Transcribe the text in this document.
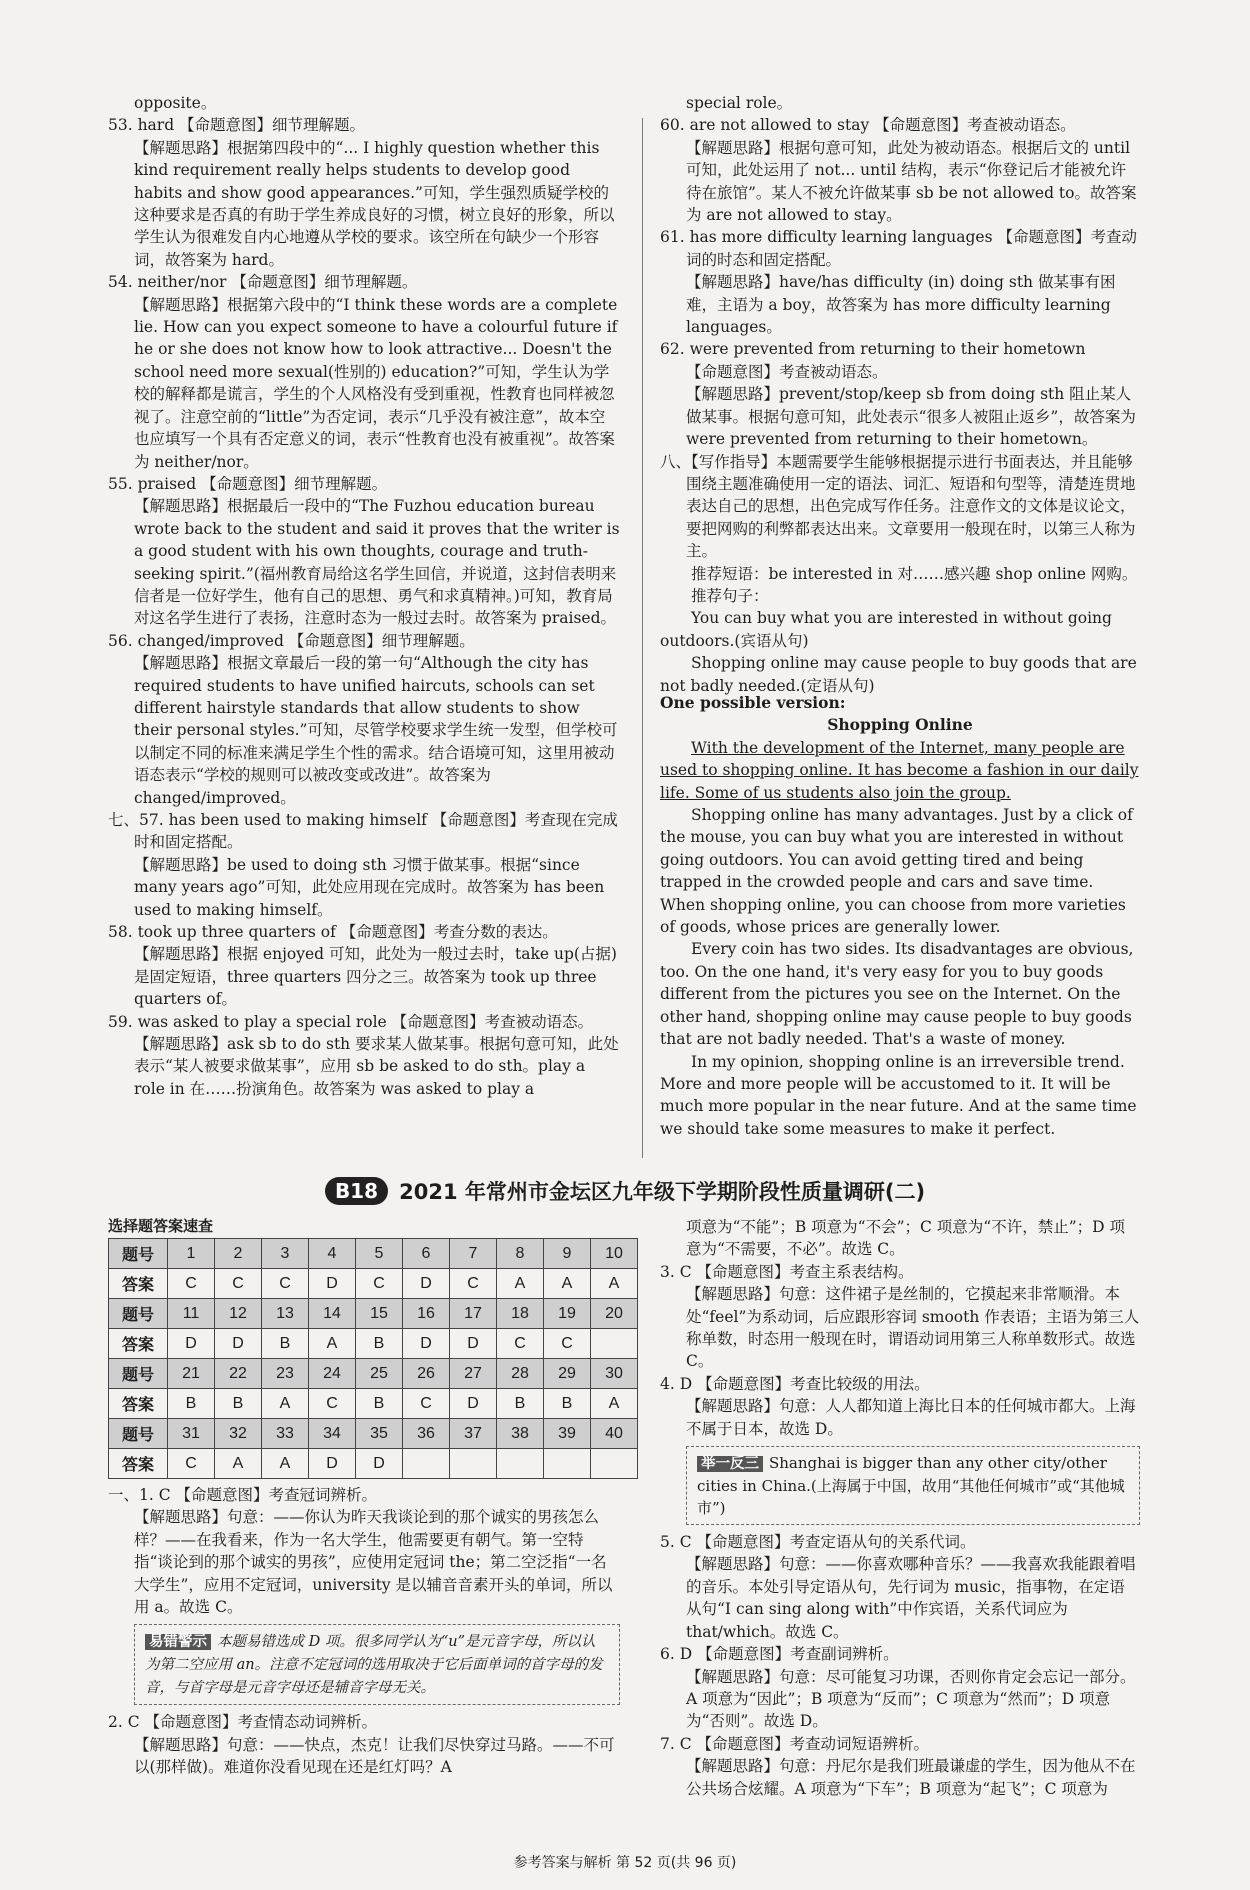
opposite。

53. hard 【命题意图】细节理解题。

【解题思路】根据第四段中的“... I highly question whether this kind requirement really helps students to develop good habits and show good appearances.”可知，学生强烈质疑学校的这种要求是否真的有助于学生养成良好的习惯，树立良好的形象，所以学生认为很难发自内心地遵从学校的要求。该空所在句缺少一个形容词，故答案为 hard。

54. neither/nor 【命题意图】细节理解题。

【解题思路】根据第六段中的“I think these words are a complete lie. How can you expect someone to have a colourful future if he or she does not know how to look attractive... Doesn't the school need more sexual(性别的) education?”可知，学生认为学校的解释都是谎言，学生的个人风格没有受到重视，性教育也同样被忽视了。注意空前的“little”为否定词，表示“几乎没有被注意”，故本空也应填写一个具有否定意义的词，表示“性教育也没有被重视”。故答案为 neither/nor。

55. praised 【命题意图】细节理解题。

【解题思路】根据最后一段中的“The Fuzhou education bureau wrote back to the student and said it proves that the writer is a good student with his own thoughts, courage and truth-seeking spirit.”(福州教育局给这名学生回信，并说道，这封信表明来信者是一位好学生，他有自己的思想、勇气和求真精神。)可知，教育局对这名学生进行了表扬，注意时态为一般过去时。故答案为 praised。

56. changed/improved 【命题意图】细节理解题。

【解题思路】根据文章最后一段的第一句“Although the city has required students to have unified haircuts, schools can set different hairstyle standards that allow students to show their personal styles.”可知，尽管学校要求学生统一发型，但学校可以制定不同的标准来满足学生个性的需求。结合语境可知，这里用被动语态表示“学校的规则可以被改变或改进”。故答案为 changed/improved。

七、57. has been used to making himself 【命题意图】考查现在完成时和固定搭配。

【解题思路】be used to doing sth 习惯于做某事。根据“since many years ago”可知，此处应用现在完成时。故答案为 has been used to making himself。

58. took up three quarters of 【命题意图】考查分数的表达。

【解题思路】根据 enjoyed 可知，此处为一般过去时，take up(占据)是固定短语，three quarters 四分之三。故答案为 took up three quarters of。

59. was asked to play a special role 【命题意图】考查被动语态。

【解题思路】ask sb to do sth 要求某人做某事。根据句意可知，此处表示“某人被要求做某事”，应用 sb be asked to do sth。play a role in 在……扮演角色。故答案为 was asked to play a

special role。

60. are not allowed to stay 【命题意图】考查被动语态。

【解题思路】根据句意可知，此处为被动语态。根据后文的 until 可知，此处运用了 not... until 结构，表示“你登记后才能被允许待在旅馆”。某人不被允许做某事 sb be not allowed to。故答案为 are not allowed to stay。

61. has more difficulty learning languages 【命题意图】考查动词的时态和固定搭配。

【解题思路】have/has difficulty (in) doing sth 做某事有困难，主语为 a boy，故答案为 has more difficulty learning languages。

62. were prevented from returning to their hometown

【命题意图】考查被动语态。

【解题思路】prevent/stop/keep sb from doing sth 阻止某人做某事。根据句意可知，此处表示“很多人被阻止返乡”，故答案为 were prevented from returning to their hometown。

八、【写作指导】本题需要学生能够根据提示进行书面表达，并且能够围绕主题准确使用一定的语法、词汇、短语和句型等，清楚连贯地表达自己的思想，出色完成写作任务。注意作文的文体是议论文，要把网购的利弊都表达出来。文章要用一般现在时，以第三人称为主。

推荐短语：be interested in 对……感兴趣 shop online 网购。

推荐句子：

You can buy what you are interested in without going outdoors.(宾语从句)

Shopping online may cause people to buy goods that are not badly needed.(定语从句)

One possible version:

Shopping Online

With the development of the Internet, many people are used to shopping online. It has become a fashion in our daily life. Some of us students also join the group.

Shopping online has many advantages. Just by a click of the mouse, you can buy what you are interested in without going outdoors. You can avoid getting tired and being trapped in the crowded people and cars and save time. When shopping online, you can choose from more varieties of goods, whose prices are generally lower.

Every coin has two sides. Its disadvantages are obvious, too. On the one hand, it's very easy for you to buy goods different from the pictures you see on the Internet. On the other hand, shopping online may cause people to buy goods that are not badly needed. That's a waste of money.

In my opinion, shopping online is an irreversible trend. More and more people will be accustomed to it. It will be much more popular in the near future. And at the same time we should take some measures to make it perfect.

B18 2021 年常州市金坛区九年级下学期阶段性质量调研(二)
选择题答案速查
题号	1	2	3	4	5	6	7	8	9	10
答案	C	C	C	D	C	D	C	A	A	A
题号	11	12	13	14	15	16	17	18	19	20
答案	D	D	B	A	B	D	D	C	C	
题号	21	22	23	24	25	26	27	28	29	30
答案	B	B	A	C	B	C	D	B	B	A
题号	31	32	33	34	35	36	37	38	39	40
答案	C	A	A	D	D					

一、1. C 【命题意图】考查冠词辨析。

【解题思路】句意：——你认为昨天我谈论到的那个诚实的男孩怎么样？——在我看来，作为一名大学生，他需要更有朝气。第一空特指“谈论到的那个诚实的男孩”，应使用定冠词 the；第二空泛指“一名大学生”，应用不定冠词，university 是以辅音音素开头的单词，所以用 a。故选 C。

易错警示 本题易错选成 D 项。很多同学认为“u”是元音字母，所以认为第二空应用 an。注意不定冠词的选用取决于它后面单词的首字母的发音，与首字母是元音字母还是辅音字母无关。

2. C 【命题意图】考查情态动词辨析。

【解题思路】句意：——快点，杰克！让我们尽快穿过马路。——不可以(那样做)。难道你没看见现在还是红灯吗？A

项意为“不能”；B 项意为“不会”；C 项意为“不许，禁止”；D 项意为“不需要，不必”。故选 C。

3. C 【命题意图】考查主系表结构。

【解题思路】句意：这件裙子是丝制的，它摸起来非常顺滑。本处“feel”为系动词，后应跟形容词 smooth 作表语；主语为第三人称单数，时态用一般现在时，谓语动词用第三人称单数形式。故选 C。

4. D 【命题意图】考查比较级的用法。

【解题思路】句意：人人都知道上海比日本的任何城市都大。上海不属于日本，故选 D。

举一反三 Shanghai is bigger than any other city/other cities in China.(上海属于中国，故用“其他任何城市”或“其他城市”)

5. C 【命题意图】考查定语从句的关系代词。

【解题思路】句意：——你喜欢哪种音乐？——我喜欢我能跟着唱的音乐。本处引导定语从句，先行词为 music，指事物，在定语从句“I can sing along with”中作宾语，关系代词应为 that/which。故选 C。

6. D 【命题意图】考查副词辨析。

【解题思路】句意：尽可能复习功课，否则你肯定会忘记一部分。A 项意为“因此”；B 项意为“反而”；C 项意为“然而”；D 项意为“否则”。故选 D。

7. C 【命题意图】考查动词短语辨析。

【解题思路】句意：丹尼尔是我们班最谦虚的学生，因为他从不在公共场合炫耀。A 项意为“下车”；B 项意为“起飞”；C 项意为

参考答案与解析 第 52 页(共 96 页)
